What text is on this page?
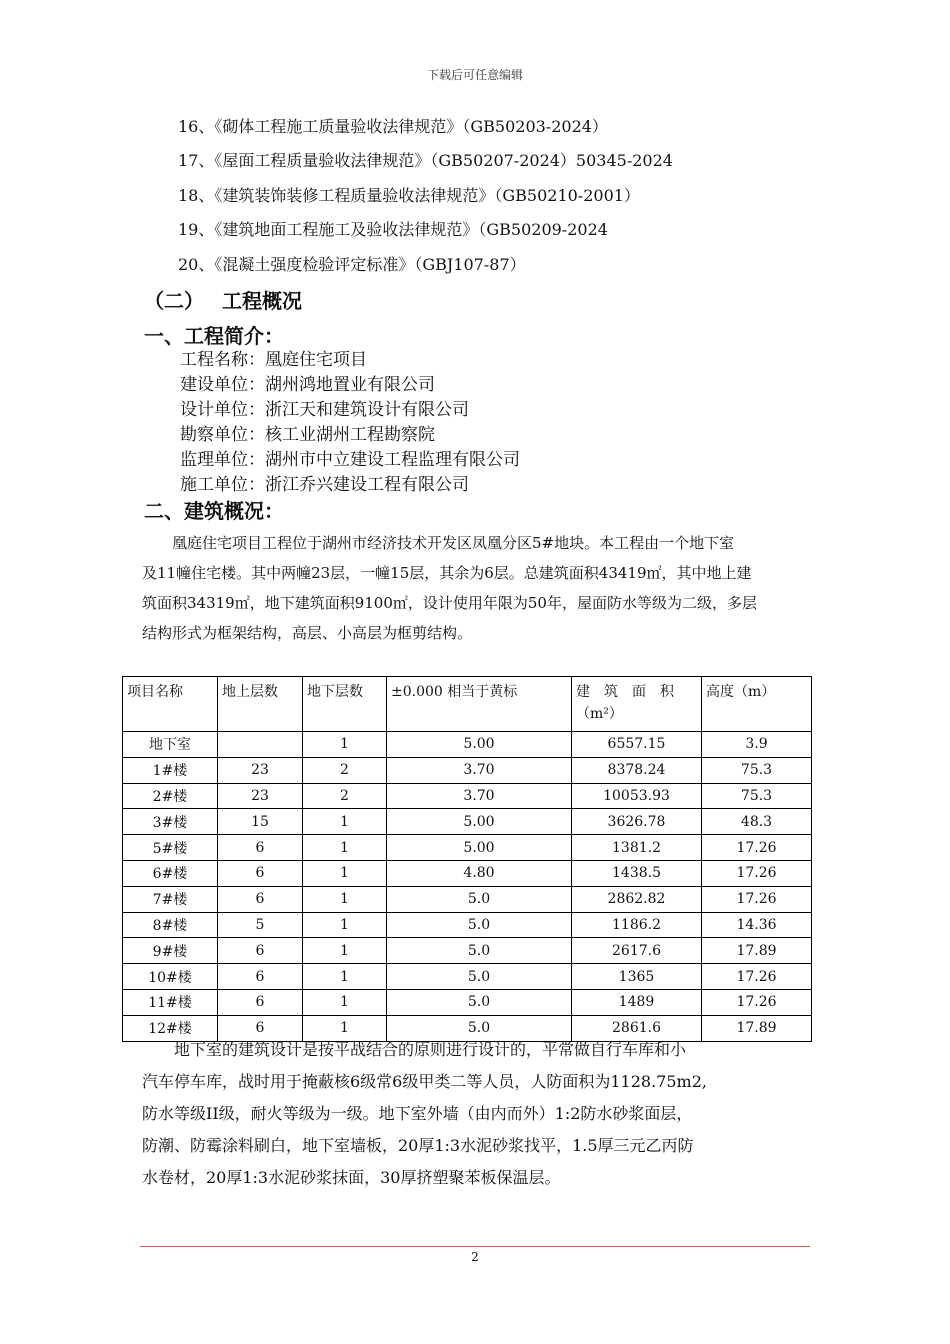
下载后可任意编辑
16、《砌体工程施工质量验收法律规范》（GB50203-2024）
17、《屋面工程质量验收法律规范》（GB50207-2024）50345-2024
18、《建筑装饰装修工程质量验收法律规范》（GB50210-2001）
19、《建筑地面工程施工及验收法律规范》（GB50209-2024
20、《混凝土强度检验评定标准》（GBJ107-87）
（二） 工程概况
一、工程简介：
工程名称：凰庭住宅项目
建设单位：湖州鸿地置业有限公司
设计单位：浙江天和建筑设计有限公司
勘察单位：核工业湖州工程勘察院
监理单位：湖州市中立建设工程监理有限公司
施工单位：浙江乔兴建设工程有限公司
二、建筑概况：

　　凰庭住宅项目工程位于湖州市经济技术开发区凤凰分区5#地块。本工程由一个地下室

及11幢住宅楼。其中两幢23层，一幢15层，其余为6层。总建筑面积43419㎡，其中地上建

筑面积34319㎡，地下建筑面积9100㎡，设计使用年限为50年，屋面防水等级为二级，多层

结构形式为框架结构，高层、小高层为框剪结构。

项目名称	地上层数	地下层数	±0.000 相当于黄标	建　筑　面　积（m²）	高度（m）
地下室		1	5.00	6557.15	3.9
1#楼	23	2	3.70	8378.24	75.3
2#楼	23	2	3.70	10053.93	75.3
3#楼	15	1	5.00	3626.78	48.3
5#楼	6	1	5.00	1381.2	17.26
6#楼	6	1	4.80	1438.5	17.26
7#楼	6	1	5.0	2862.82	17.26
8#楼	5	1	5.0	1186.2	14.36
9#楼	6	1	5.0	2617.6	17.89
10#楼	6	1	5.0	1365	17.26
11#楼	6	1	5.0	1489	17.26
12#楼	6	1	5.0	2861.6	17.89

　　地下室的建筑设计是按平战结合的原则进行设计的，平常做自行车库和小

汽车停车库，战时用于掩蔽核6级常6级甲类二等人员，人防面积为1128.75m2,

防水等级II级，耐火等级为一级。地下室外墙（由内而外）1:2防水砂浆面层，

防潮、防霉涂料刷白，地下室墙板，20厚1:3水泥砂浆找平，1.5厚三元乙丙防

水卷材，20厚1:3水泥砂浆抹面，30厚挤塑聚苯板保温层。

2
